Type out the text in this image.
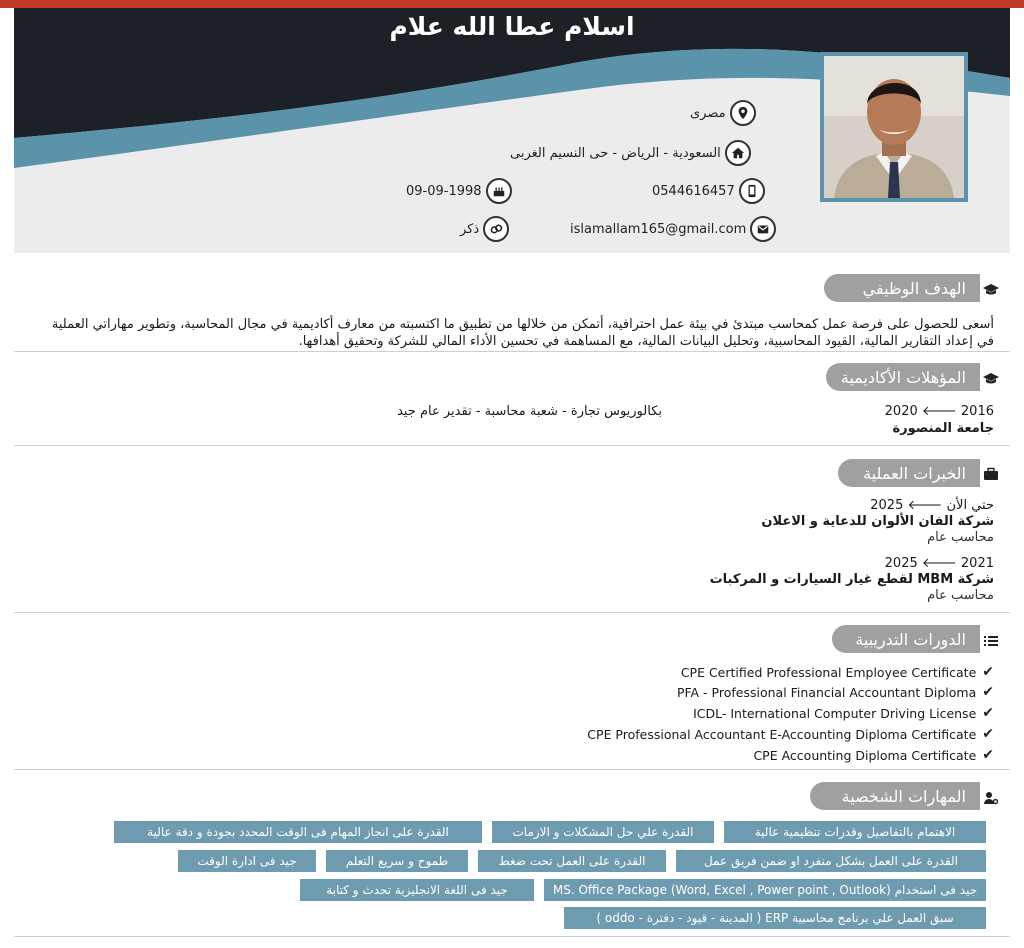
اسلام عطا الله علام
مصرى
السعودية - الرياض - حى النسيم الغربى
0544616457
09-09-1998
islamallam165@gmail.com
ذكر
الهدف الوظيفي
أسعى للحصول على فرصة عمل كمحاسب مبتدئ في بيئة عمل احترافية، أتمكن من خلالها من تطبيق ما اكتسبته من معارف أكاديمية في مجال المحاسبة، وتطوير مهاراتي العملية في إعداد التقارير المالية، القيود المحاسبية، وتحليل البيانات المالية، مع المساهمة في تحسين الأداء المالي للشركة وتحقيق أهدافها.
المؤهلات الأكاديمية
2020 🡐 2016
جامعة المنصورة
بكالوريوس تجارة - شعبة محاسبة - تقدير عام جيد
الخبرات العملية
حتي الأن 🡐 2025
شركة الفان الألوان للدعاية و الاعلان
محاسب عام
2025 🡐 2021
شركة MBM لقطع غيار السيارات و المركبات
محاسب عام
الدورات التدريبية
CPE Certified Professional Employee Certificate ✔
PFA - Professional Financial Accountant Diploma ✔
ICDL- International Computer Driving License ✔
CPE Professional Accountant E-Accounting Diploma Certificate ✔
CPE Accounting Diploma Certificate ✔
المهارات الشخصية
الاهتمام بالتفاصيل وقدرات تنظيمية عالية
القدرة علي حل المشكلات و الازمات
القدرة على انجاز المهام فى الوقت المحدد بجودة و دقة عالية
القدرة على العمل بشكل منفرد او ضمن فريق عمل
القدرة على العمل تحت ضغط
طموح و سريع التعلم
جيد فى ادارة الوقت
جيد فى استخدام MS. Office Package (Word, Excel , Power point , Outlook)
جيد فى اللغة الانجليزية تحدث و كتابة
سبق العمل علي برنامج محاسبية ERP ( المدينة - قيود - دفترة - oddo )
